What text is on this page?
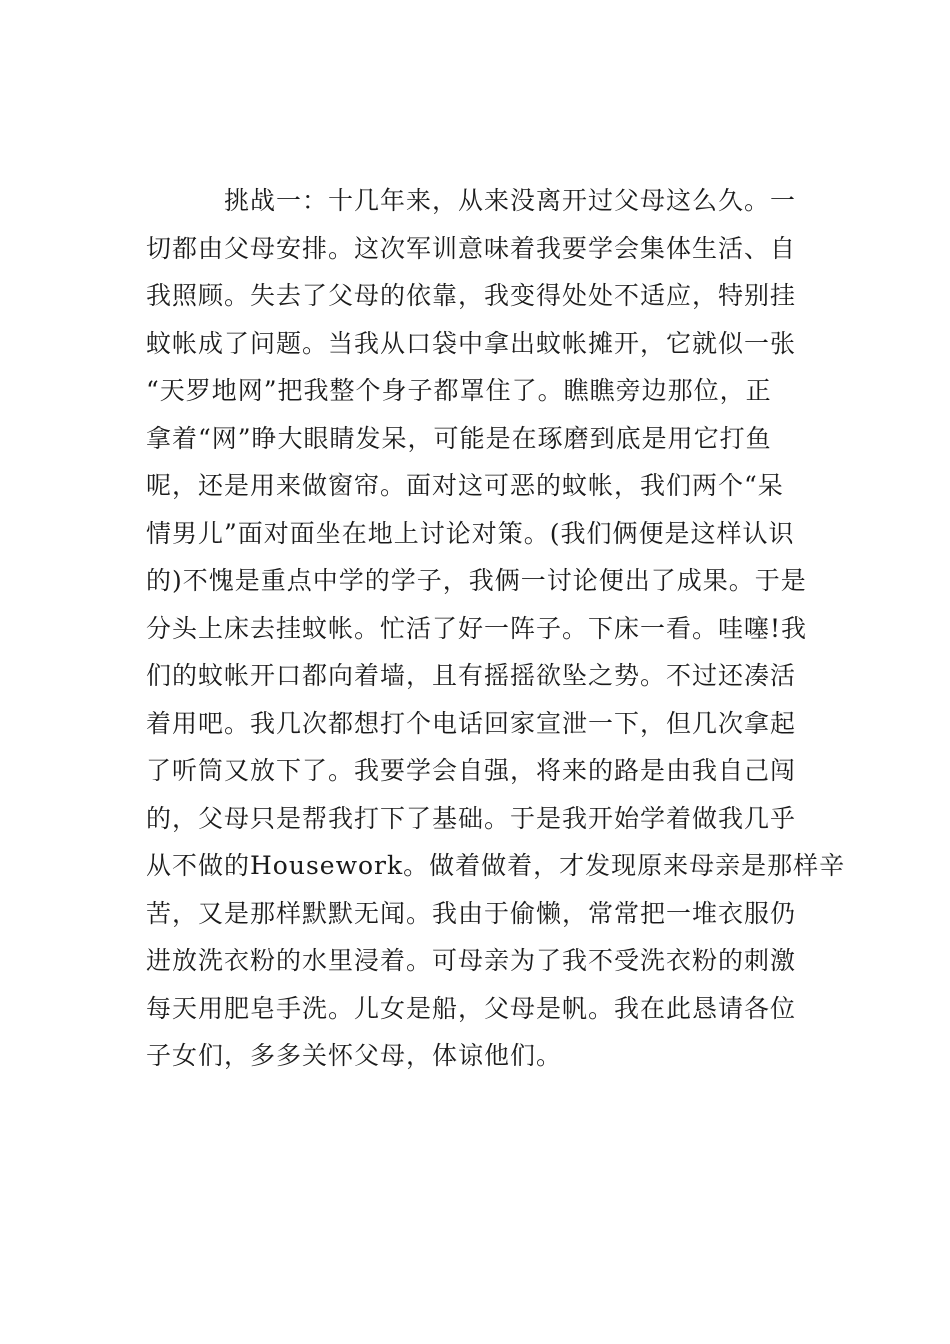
　　　挑战一：十几年来，从来没离开过父母这么久。一
切都由父母安排。这次军训意味着我要学会集体生活、自
我照顾。失去了父母的依靠，我变得处处不适应，特别挂
蚊帐成了问题。当我从口袋中拿出蚊帐摊开，它就似一张
“天罗地网”把我整个身子都罩住了。瞧瞧旁边那位，正
拿着“网”睁大眼睛发呆，可能是在琢磨到底是用它打鱼
呢，还是用来做窗帘。面对这可恶的蚊帐，我们两个“呆
情男儿”面对面坐在地上讨论对策。(我们俩便是这样认识
的)不愧是重点中学的学子，我俩一讨论便出了成果。于是
分头上床去挂蚊帐。忙活了好一阵子。下床一看。哇噻!我
们的蚊帐开口都向着墙，且有摇摇欲坠之势。不过还凑活
着用吧。我几次都想打个电话回家宣泄一下，但几次拿起
了听筒又放下了。我要学会自强，将来的路是由我自己闯
的，父母只是帮我打下了基础。于是我开始学着做我几乎
从不做的Housework。做着做着，才发现原来母亲是那样辛
苦，又是那样默默无闻。我由于偷懒，常常把一堆衣服仍
进放洗衣粉的水里浸着。可母亲为了我不受洗衣粉的刺激
每天用肥皂手洗。儿女是船，父母是帆。我在此恳请各位
子女们，多多关怀父母，体谅他们。
